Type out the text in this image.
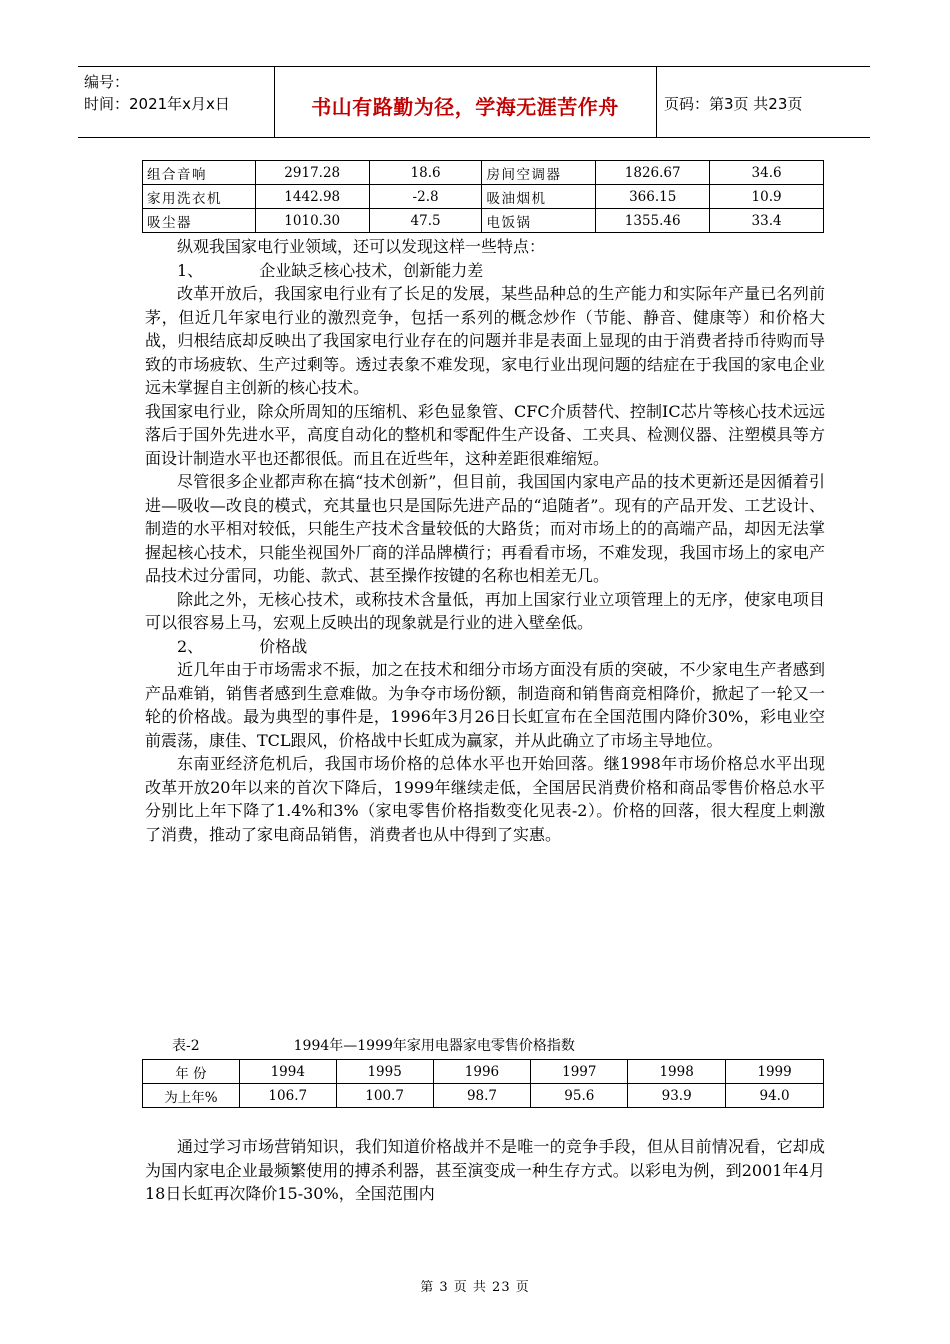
编号：
时间：2021年x月x日	书山有路勤为径，学海无涯苦作舟	页码：第3页 共23页
组合音响	2917.28	18.6	房间空调器	1826.67	34.6
家用洗衣机	1442.98	-2.8	吸油烟机	366.15	10.9
吸尘器	1010.30	47.5	电饭锅	1355.46	33.4

纵观我国家电行业领域，还可以发现这样一些特点：

1、	企业缺乏核心技术，创新能力差

改革开放后，我国家电行业有了长足的发展，某些品种总的生产能力和实际年产量已名列前茅，但近几年家电行业的激烈竞争，包括一系列的概念炒作（节能、静音、健康等）和价格大战，归根结底却反映出了我国家电行业存在的问题并非是表面上显现的由于消费者持币待购而导致的市场疲软、生产过剩等。透过表象不难发现，家电行业出现问题的结症在于我国的家电企业远未掌握自主创新的核心技术。

我国家电行业，除众所周知的压缩机、彩色显象管、CFC介质替代、控制IC芯片等核心技术远远落后于国外先进水平，高度自动化的整机和零配件生产设备、工夹具、检测仪器、注塑模具等方面设计制造水平也还都很低。而且在近些年，这种差距很难缩短。

尽管很多企业都声称在搞“技术创新”，但目前，我国国内家电产品的技术更新还是因循着引进—吸收—改良的模式，充其量也只是国际先进产品的“追随者”。现有的产品开发、工艺设计、制造的水平相对较低，只能生产技术含量较低的大路货；而对市场上的的高端产品，却因无法掌握起核心技术，只能坐视国外厂商的洋品牌横行；再看看市场，不难发现，我国市场上的家电产品技术过分雷同，功能、款式、甚至操作按键的名称也相差无几。

除此之外，无核心技术，或称技术含量低，再加上国家行业立项管理上的无序，使家电项目可以很容易上马，宏观上反映出的现象就是行业的进入壁垒低。

2、	价格战

近几年由于市场需求不振，加之在技术和细分市场方面没有质的突破，不少家电生产者感到产品难销，销售者感到生意难做。为争夺市场份额，制造商和销售商竞相降价，掀起了一轮又一轮的价格战。最为典型的事件是，1996年3月26日长虹宣布在全国范围内降价30%，彩电业空前震荡，康佳、TCL跟风，价格战中长虹成为赢家，并从此确立了市场主导地位。

东南亚经济危机后，我国市场价格的总体水平也开始回落。继1998年市场价格总水平出现改革开放20年以来的首次下降后，1999年继续走低，全国居民消费价格和商品零售价格总水平分别比上年下降了1.4%和3%（家电零售价格指数变化见表-2）。价格的回落，很大程度上刺激了消费，推动了家电商品销售，消费者也从中得到了实惠。

表-2	1994年—1999年家用电器家电零售价格指数
年 份	1994	1995	1996	1997	1998	1999
为上年%	106.7	100.7	98.7	95.6	93.9	94.0

通过学习市场营销知识，我们知道价格战并不是唯一的竞争手段，但从目前情况看，它却成为国内家电企业最频繁使用的搏杀利器，甚至演变成一种生存方式。以彩电为例，到2001年4月18日长虹再次降价15-30%，全国范围内

第 3 页 共 23 页
